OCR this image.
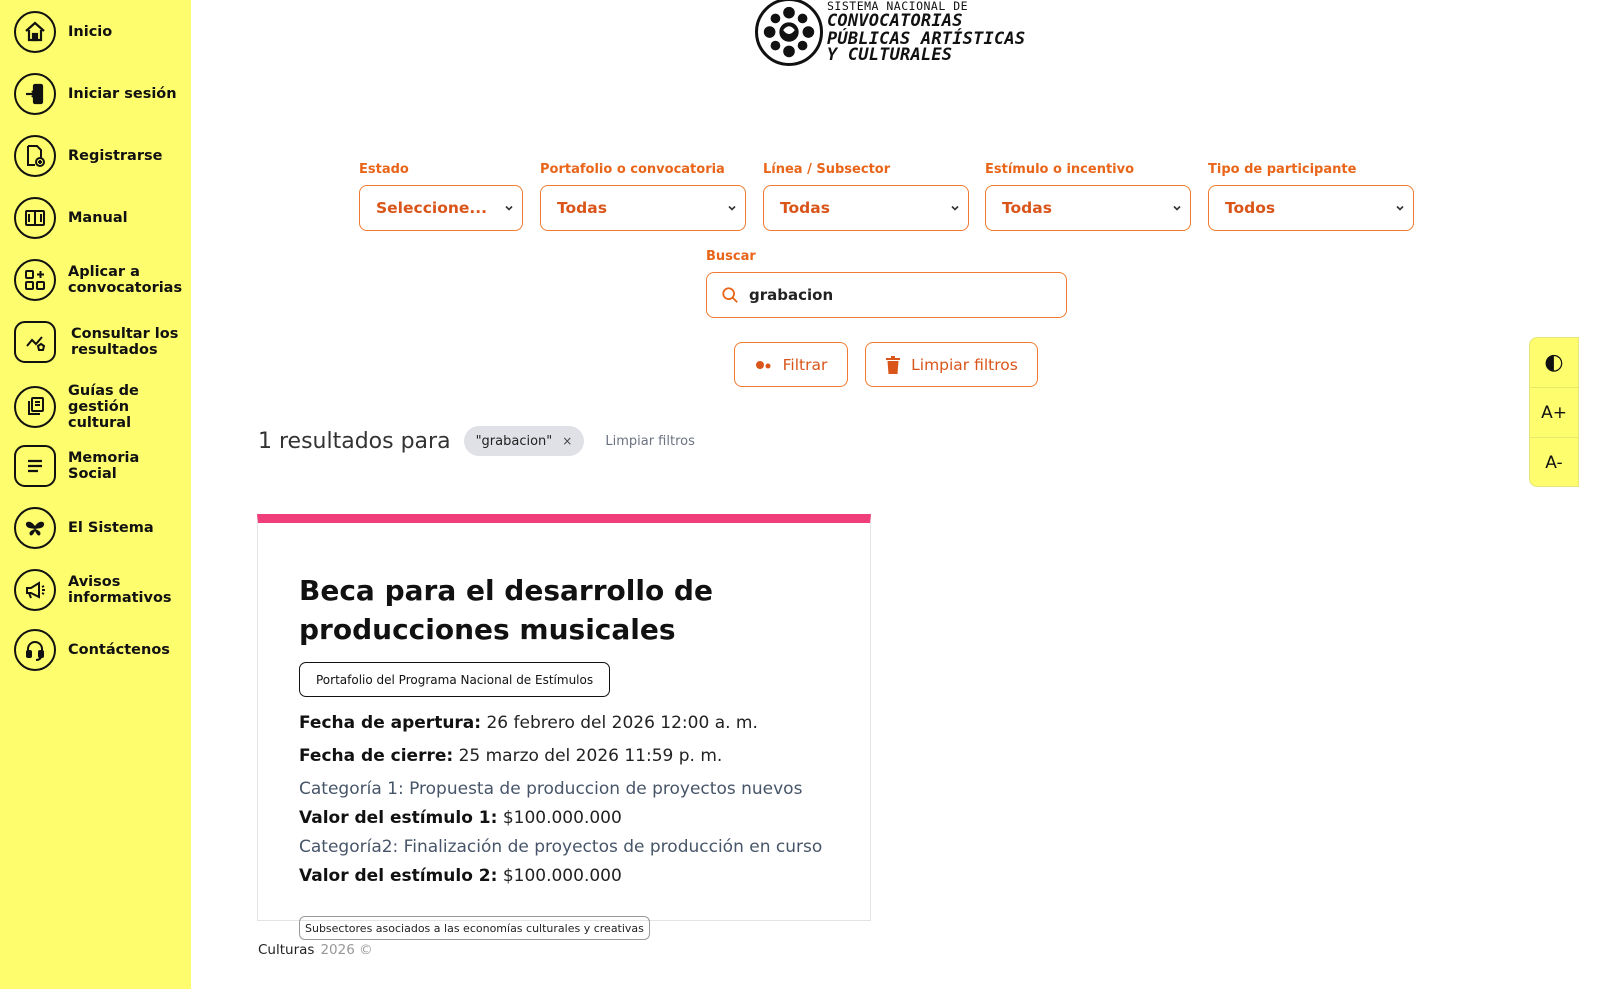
Inicio
Iniciar sesión
Registrarse
Manual
Aplicar a convocatorias
Consultar los resultados
Guías de gestión cultural
Memoria Social
El Sistema
Avisos informativos
Contáctenos
SISTEMA NACIONAL DE
CONVOCATORIAS
PÚBLICAS ARTÍSTICAS
Y CULTURALES
Estado
Seleccione...
Portafolio o convocatoria
Todas
Línea / Subsector
Todas
Estímulo o incentivo
Todas
Tipo de participante
Todos
Buscar
grabacion
Filtrar	Limpiar filtros
1 resultados para "grabacion" ×	Limpiar filtros
◐
A+
A-
Beca para el desarrollo de producciones musicales
Portafolio del Programa Nacional de Estímulos
Fecha de apertura: 26 febrero del 2026 12:00 a. m.
Fecha de cierre: 25 marzo del 2026 11:59 p. m.
Categoría 1: Propuesta de produccion de proyectos nuevos
Valor del estímulo 1: $100.000.000
Categoría2: Finalización de proyectos de producción en curso
Valor del estímulo 2: $100.000.000
Subsectores asociados a las economías culturales y creativas
Culturas 2026 ©
